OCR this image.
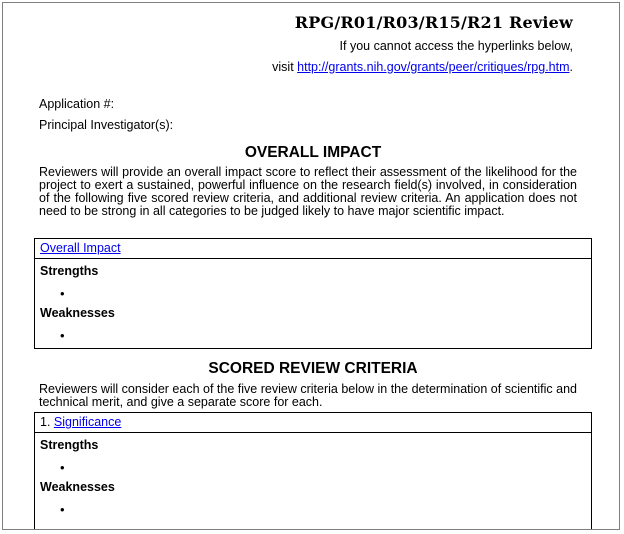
RPG/R01/R03/R15/R21 Review
If you cannot access the hyperlinks below,
visit http://grants.nih.gov/grants/peer/critiques/rpg.htm.
Application #:
Principal Investigator(s):
OVERALL IMPACT
Reviewers will provide an overall impact score to reflect their assessment of the likelihood for the project to exert a sustained, powerful influence on the research field(s) involved, in consideration of the following five scored review criteria, and additional review criteria. An application does not need to be strong in all categories to be judged likely to have major scientific impact.
Overall Impact
Strengths
•
Weaknesses
•
SCORED REVIEW CRITERIA
Reviewers will consider each of the five review criteria below in the determination of scientific and technical merit, and give a separate score for each.
1. Significance
Strengths
•
Weaknesses
•
